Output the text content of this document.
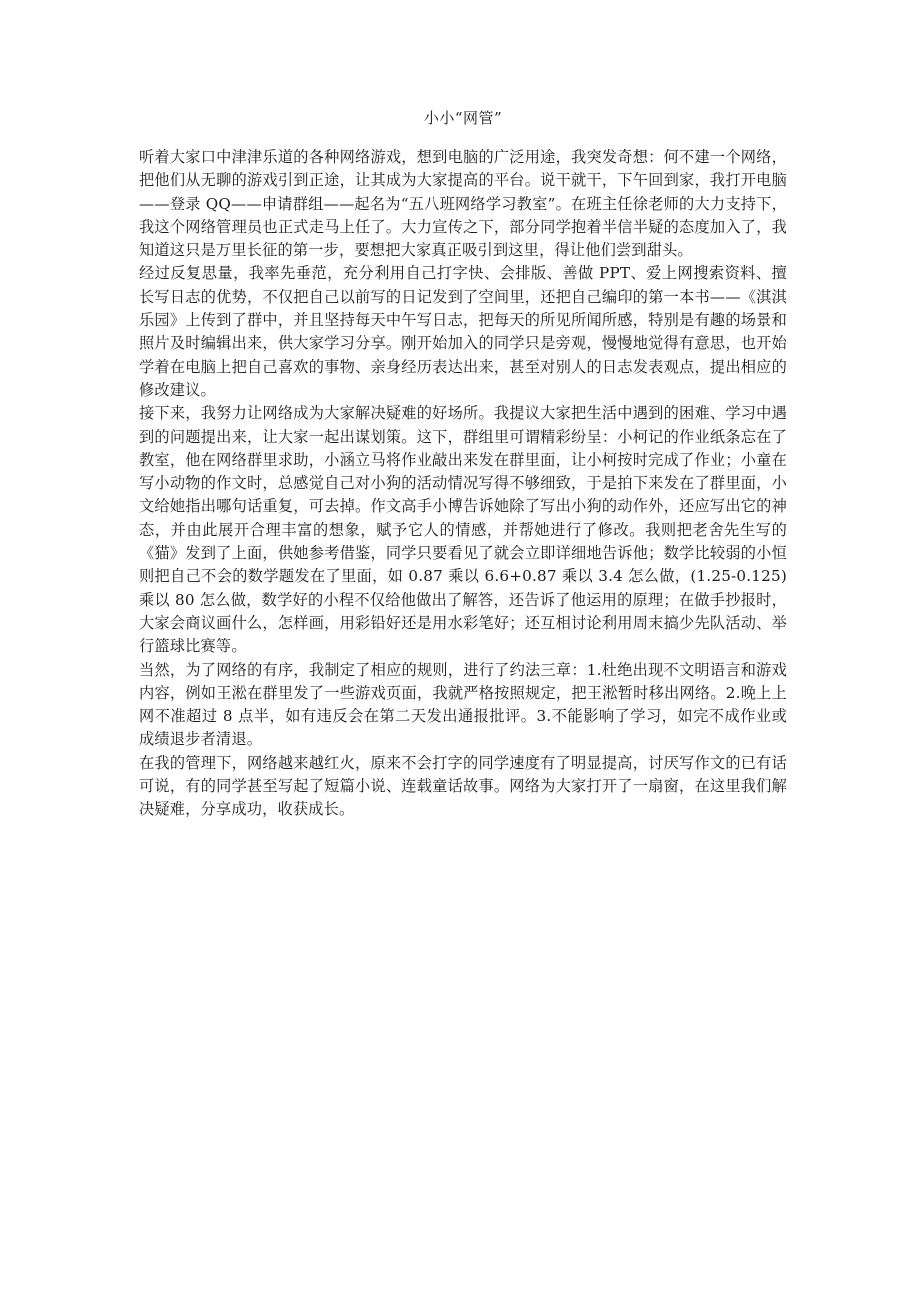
小小“网管”

听着大家口中津津乐道的各种网络游戏，想到电脑的广泛用途，我突发奇想：何不建一个网络，把他们从无聊的游戏引到正途，让其成为大家提高的平台。说干就干，下午回到家，我打开电脑——登录 QQ——申请群组——起名为“五八班网络学习教室”。在班主任徐老师的大力支持下，我这个网络管理员也正式走马上任了。大力宣传之下，部分同学抱着半信半疑的态度加入了，我知道这只是万里长征的第一步，要想把大家真正吸引到这里，得让他们尝到甜头。

经过反复思量，我率先垂范，充分利用自己打字快、会排版、善做 PPT、爱上网搜索资料、擅长写日志的优势，不仅把自己以前写的日记发到了空间里，还把自己编印的第一本书——《淇淇乐园》上传到了群中，并且坚持每天中午写日志，把每天的所见所闻所感，特别是有趣的场景和照片及时编辑出来，供大家学习分享。刚开始加入的同学只是旁观，慢慢地觉得有意思，也开始学着在电脑上把自己喜欢的事物、亲身经历表达出来，甚至对别人的日志发表观点，提出相应的修改建议。

接下来，我努力让网络成为大家解决疑难的好场所。我提议大家把生活中遇到的困难、学习中遇到的问题提出来，让大家一起出谋划策。这下，群组里可谓精彩纷呈：小柯记的作业纸条忘在了教室，他在网络群里求助，小涵立马将作业敲出来发在群里面，让小柯按时完成了作业；小童在写小动物的作文时，总感觉自己对小狗的活动情况写得不够细致，于是拍下来发在了群里面，小文给她指出哪句话重复，可去掉。作文高手小博告诉她除了写出小狗的动作外，还应写出它的神态，并由此展开合理丰富的想象，赋予它人的情感，并帮她进行了修改。我则把老舍先生写的《猫》发到了上面，供她参考借鉴，同学只要看见了就会立即详细地告诉他；数学比较弱的小恒则把自己不会的数学题发在了里面，如 0.87 乘以 6.6+0.87 乘以 3.4 怎么做，(1.25-0.125)乘以 80 怎么做，数学好的小程不仅给他做出了解答，还告诉了他运用的原理；在做手抄报时，大家会商议画什么，怎样画，用彩铅好还是用水彩笔好；还互相讨论利用周末搞少先队活动、举行篮球比赛等。

当然，为了网络的有序，我制定了相应的规则，进行了约法三章：1.杜绝出现不文明语言和游戏内容，例如王淞在群里发了一些游戏页面，我就严格按照规定，把王淞暂时移出网络。2.晚上上网不准超过 8 点半，如有违反会在第二天发出通报批评。3.不能影响了学习，如完不成作业或成绩退步者清退。

在我的管理下，网络越来越红火，原来不会打字的同学速度有了明显提高，讨厌写作文的已有话可说，有的同学甚至写起了短篇小说、连载童话故事。网络为大家打开了一扇窗，在这里我们解决疑难，分享成功，收获成长。
